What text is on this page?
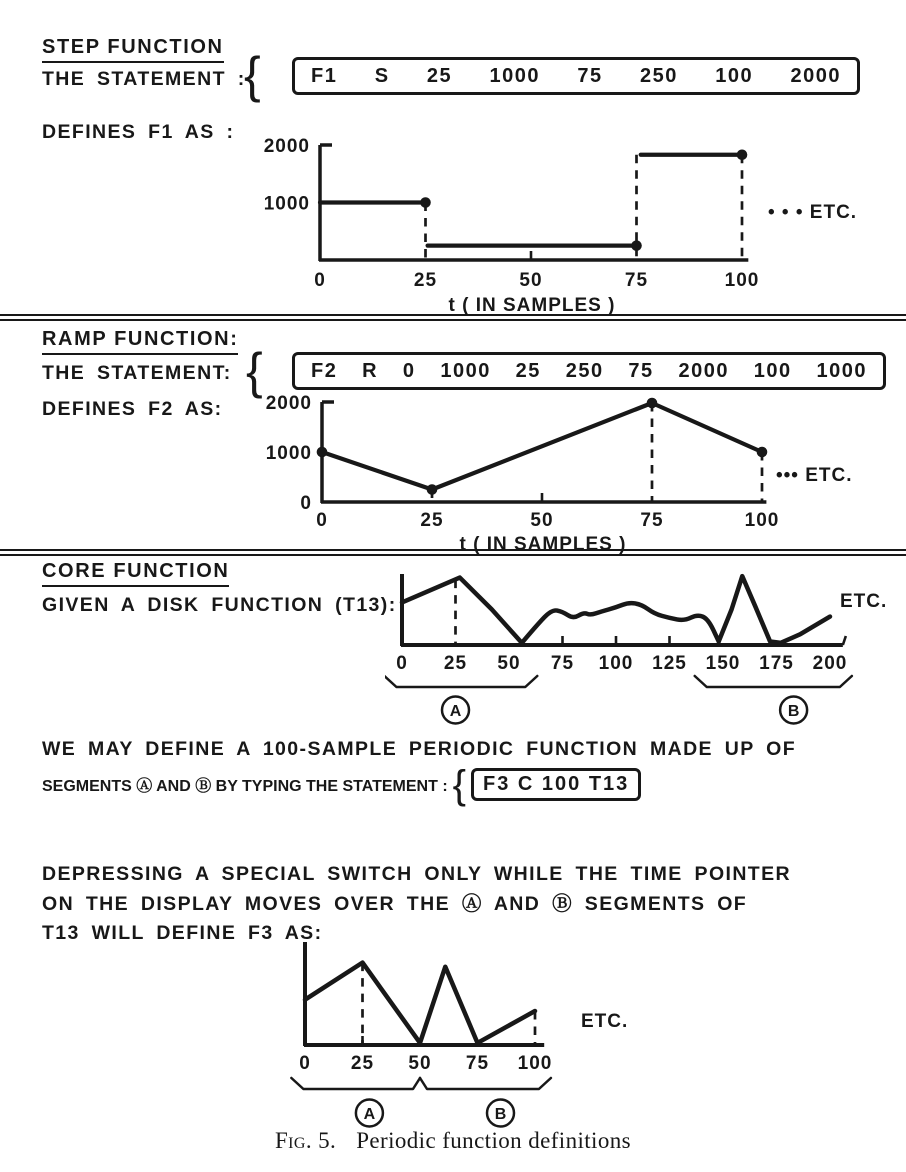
STEP FUNCTION
THE STATEMENT :
{	F1 S 25 1000 75 250 100 2000
DEFINES F1 AS :
0	25	50	75	100
2000
1000
t ( IN SAMPLES )
• • • ETC.
RAMP FUNCTION:
THE STATEMENT: { F2 R 0 1000 25 250 75 2000 100 1000
DEFINES F2 AS:
0	25	50	75	100
2000
1000
0
t ( IN SAMPLES )
••• ETC.
CORE FUNCTION
GIVEN A DISK FUNCTION (T13):
0 25 50 75 100 125 150 175 200
ETC.
A	B
WE MAY DEFINE A 100-SAMPLE PERIODIC FUNCTION MADE UP OF
SEGMENTS Ⓐ AND Ⓑ BY TYPING THE STATEMENT : { F3 C 100 T13
DEPRESSING A SPECIAL SWITCH ONLY WHILE THE TIME POINTER
ON THE DISPLAY MOVES OVER THE Ⓐ AND Ⓑ SEGMENTS OF
T13 WILL DEFINE F3 AS:
0 25 50 75 100
ETC.
A	B
Fig. 5. Periodic function definitions
